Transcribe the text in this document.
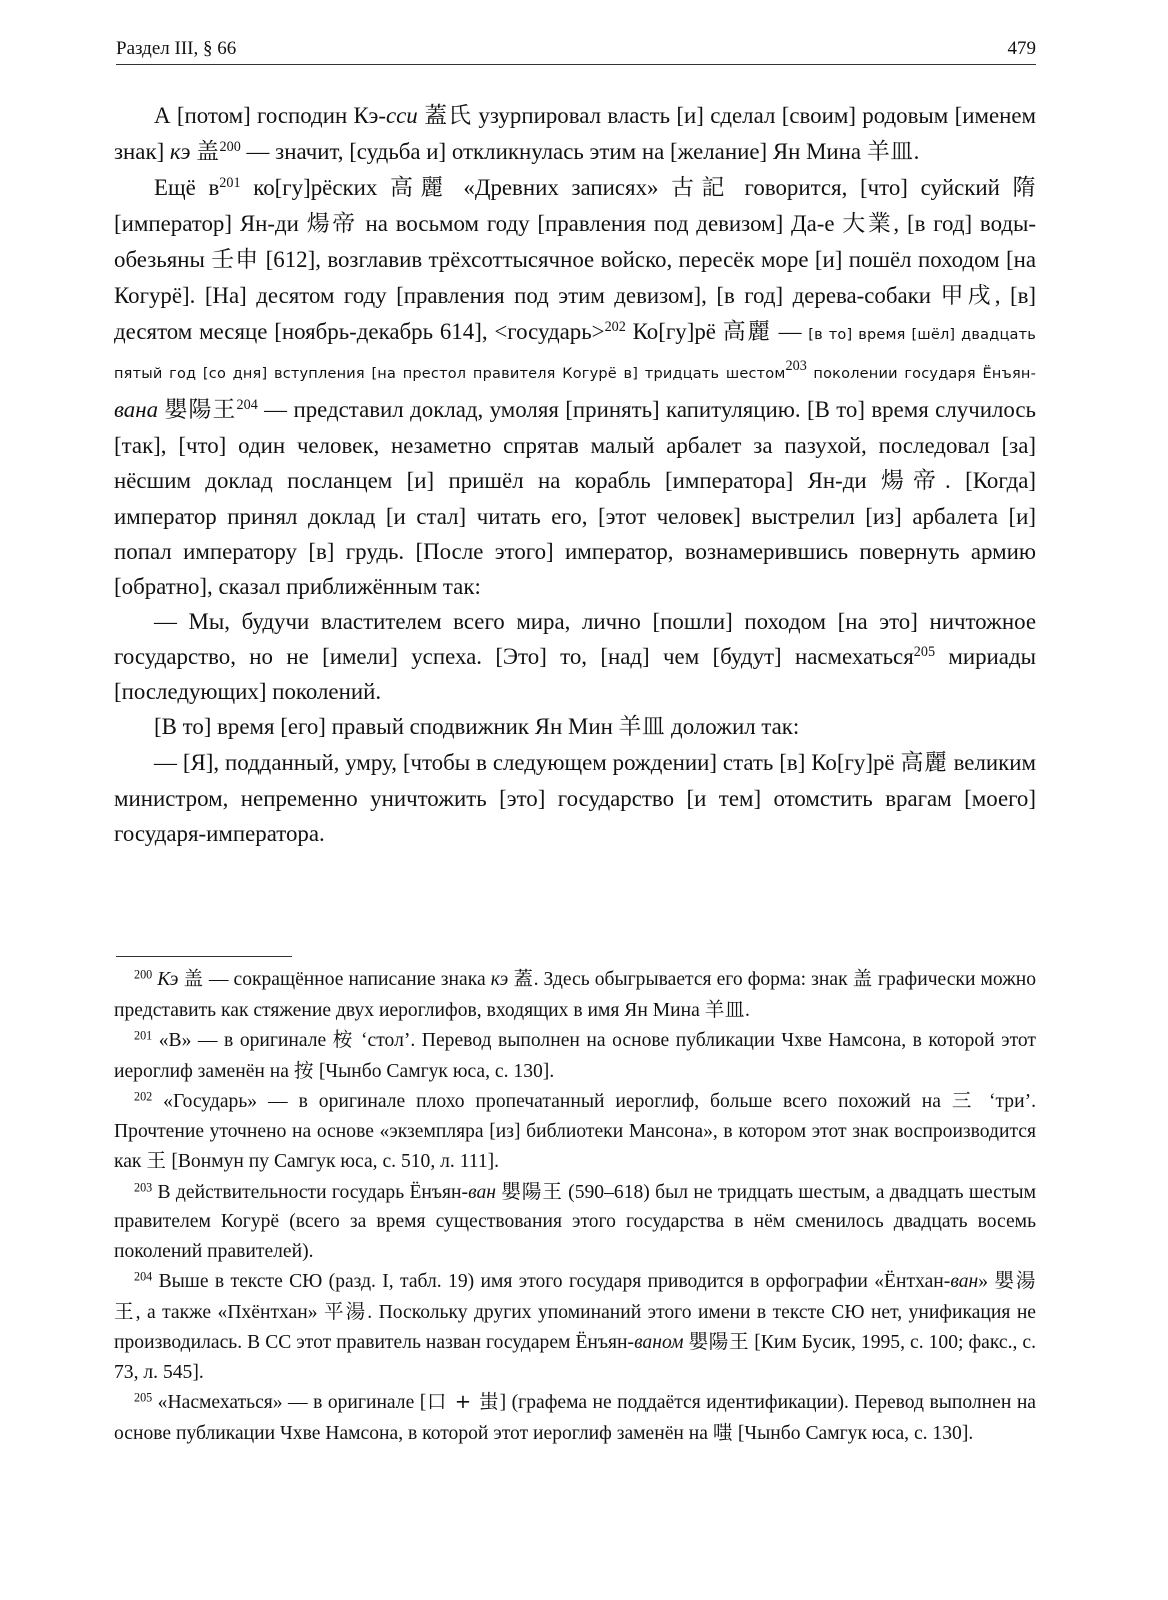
Раздел III, § 66	479

А [потом] господин Кэ-сси 蓋氏 узурпировал власть [и] сделал [своим] родовым [именем знак] кэ 盖$^{200}$ — значит, [судьба и] откликнулась этим на [желание] Ян Мина 羊皿.

Ещё $в^{201}$ ко[гу]рёских 高麗 «Древних записях» 古記 говорится, [что] суйский 隋 [император] Ян-ди 煬帝 на восьмом году [правления под девизом] Да-е 大業, [в год] воды-обезьяны 壬申 [612], возглавив трёхсоттысячное войско, пересёк море [и] пошёл походом [на Когурё]. [На] десятом году [правления под этим девизом], [в год] дерева-собаки 甲戌, [в] десятом месяце [ноябрь-декабрь 614], <государь>$^{202}$ Ко[гу]рё 高麗 — [в то] время [шёл] двадцать пятый год [со дня] вступления [на престол правителя Когурё в] тридцать шестом$^{203}$ поколении государя Ёнъян-вана 嬰陽王$^{204}$ — представил доклад, умоляя [принять] капитуляцию. [В то] время случилось [так], [что] один человек, незаметно спрятав малый арбалет за пазухой, последовал [за] нёсшим доклад посланцем [и] пришёл на корабль [императора] Ян-ди 煬帝. [Когда] император принял доклад [и стал] читать его, [этот человек] выстрелил [из] арбалета [и] попал императору [в] грудь. [После этого] император, вознамерившись повернуть армию [обратно], сказал приближённым так:

— Мы, будучи властителем всего мира, лично [пошли] походом [на это] ничтожное государство, но не [имели] успеха. [Это] то, [над] чем [будут] насмехаться$^{205}$ мириады [последующих] поколений.

[В то] время [его] правый сподвижник Ян Мин 羊皿 доложил так:

— [Я], подданный, умру, [чтобы в следующем рождении] стать [в] Ко[гу]рё 高麗 великим министром, непременно уничтожить [это] государство [и тем] отомстить врагам [моего] государя-императора.

$^{200}$ Кэ 盖 — сокращённое написание знака кэ 蓋. Здесь обыгрывается его форма: знак 盖 графически можно представить как стяжение двух иероглифов, входящих в имя Ян Мина 羊皿.

$^{201}$ «В» — в оригинале 桉 ‘стол’. Перевод выполнен на основе публикации Чхве Намсона, в которой этот иероглиф заменён на 按 [Чынбо Самгук юса, с. 130].

$^{202}$ «Государь» — в оригинале плохо пропечатанный иероглиф, больше всего похожий на 三 ‘три’. Прочтение уточнено на основе «экземпляра [из] библиотеки Мансона», в котором этот знак воспроизводится как 王 [Вонмун пу Самгук юса, с. 510, л. 111].

$^{203}$ В действительности государь Ёнъян-ван 嬰陽王 (590–618) был не тридцать шестым, а двадцать шестым правителем Когурё (всего за время существования этого государства в нём сменилось двадцать восемь поколений правителей).

$^{204}$ Выше в тексте СЮ (разд. I, табл. 19) имя этого государя приводится в орфографии «Ёнтхан-ван» 嬰湯王, а также «Пхёнтхан» 平湯. Поскольку других упоминаний этого имени в тексте СЮ нет, унификация не производилась. В СС этот правитель назван государем Ёнъян-ваном 嬰陽王 [Ким Бусик, 1995, с. 100; факс., с. 73, л. 545].

$^{205}$ «Насмехаться» — в оригинале [口 + 蚩] (графема не поддаётся идентификации). Перевод выполнен на основе публикации Чхве Намсона, в которой этот иероглиф заменён на 嗤 [Чынбо Самгук юса, с. 130].
